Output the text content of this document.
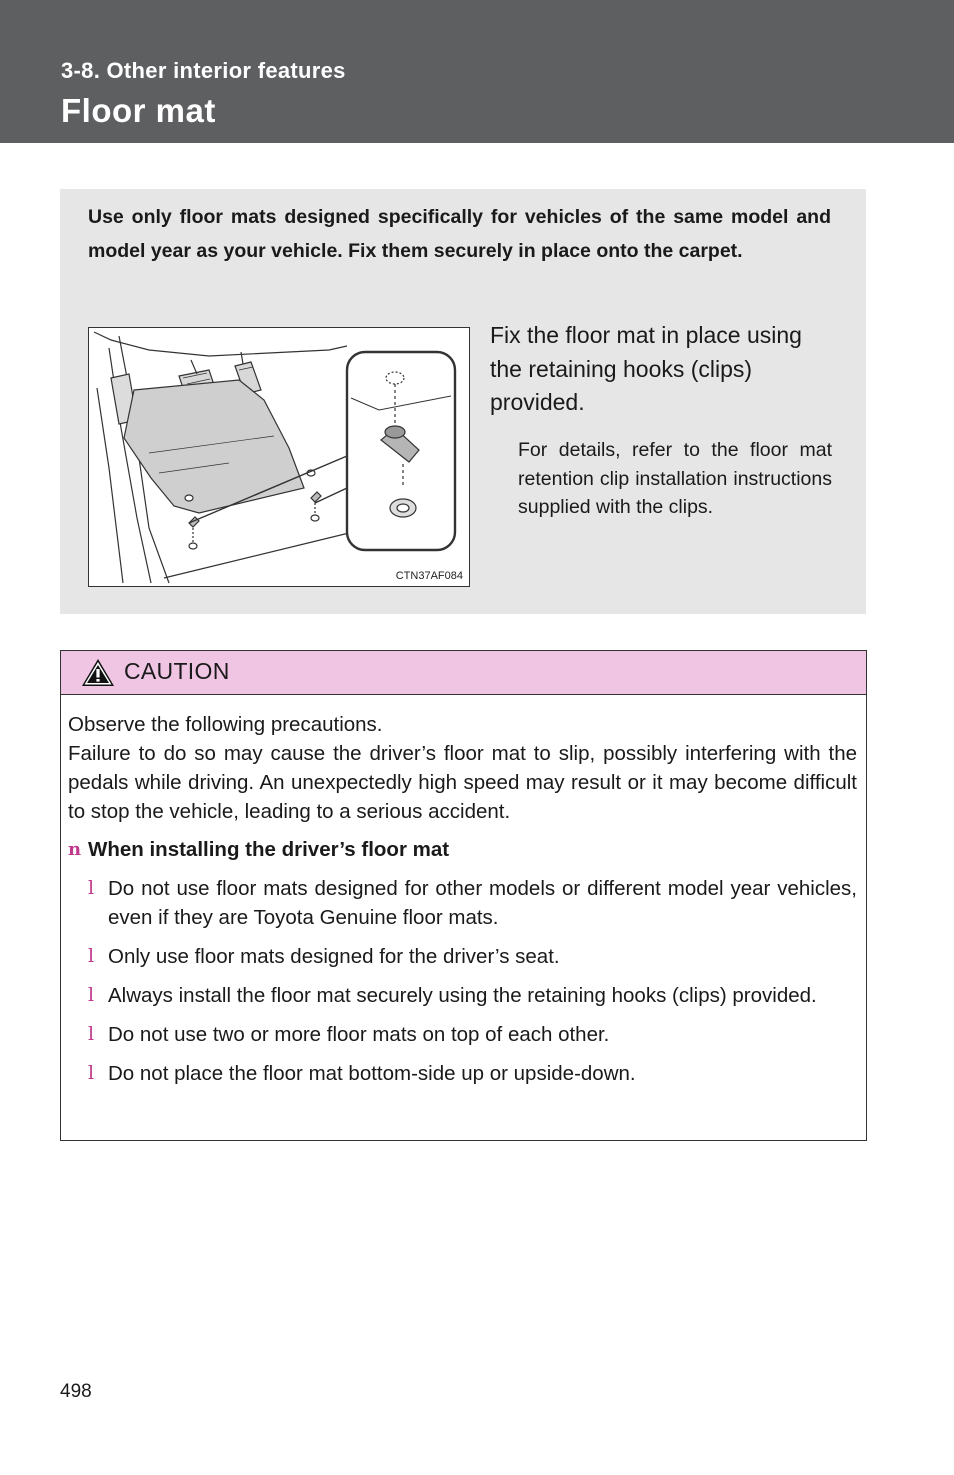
3-8. Other interior features
Floor mat
Use only floor mats designed specifically for vehicles of the same model and model year as your vehicle. Fix them securely in place onto the carpet.
CTN37AF084
Fix the floor mat in place using the retaining hooks (clips) provided.
For details, refer to the floor mat retention clip installation instructions supplied with the clips.
CAUTION
Observe the following precautions.
Failure to do so may cause the driver’s floor mat to slip, possibly interfering with the pedals while driving. An unexpectedly high speed may result or it may become difficult to stop the vehicle, leading to a serious accident.
n When installing the driver’s floor mat
l Do not use floor mats designed for other models or different model year vehicles, even if they are Toyota Genuine floor mats.
l Only use floor mats designed for the driver’s seat.
l Always install the floor mat securely using the retaining hooks (clips) provided.
l Do not use two or more floor mats on top of each other.
l Do not place the floor mat bottom-side up or upside-down.
498
